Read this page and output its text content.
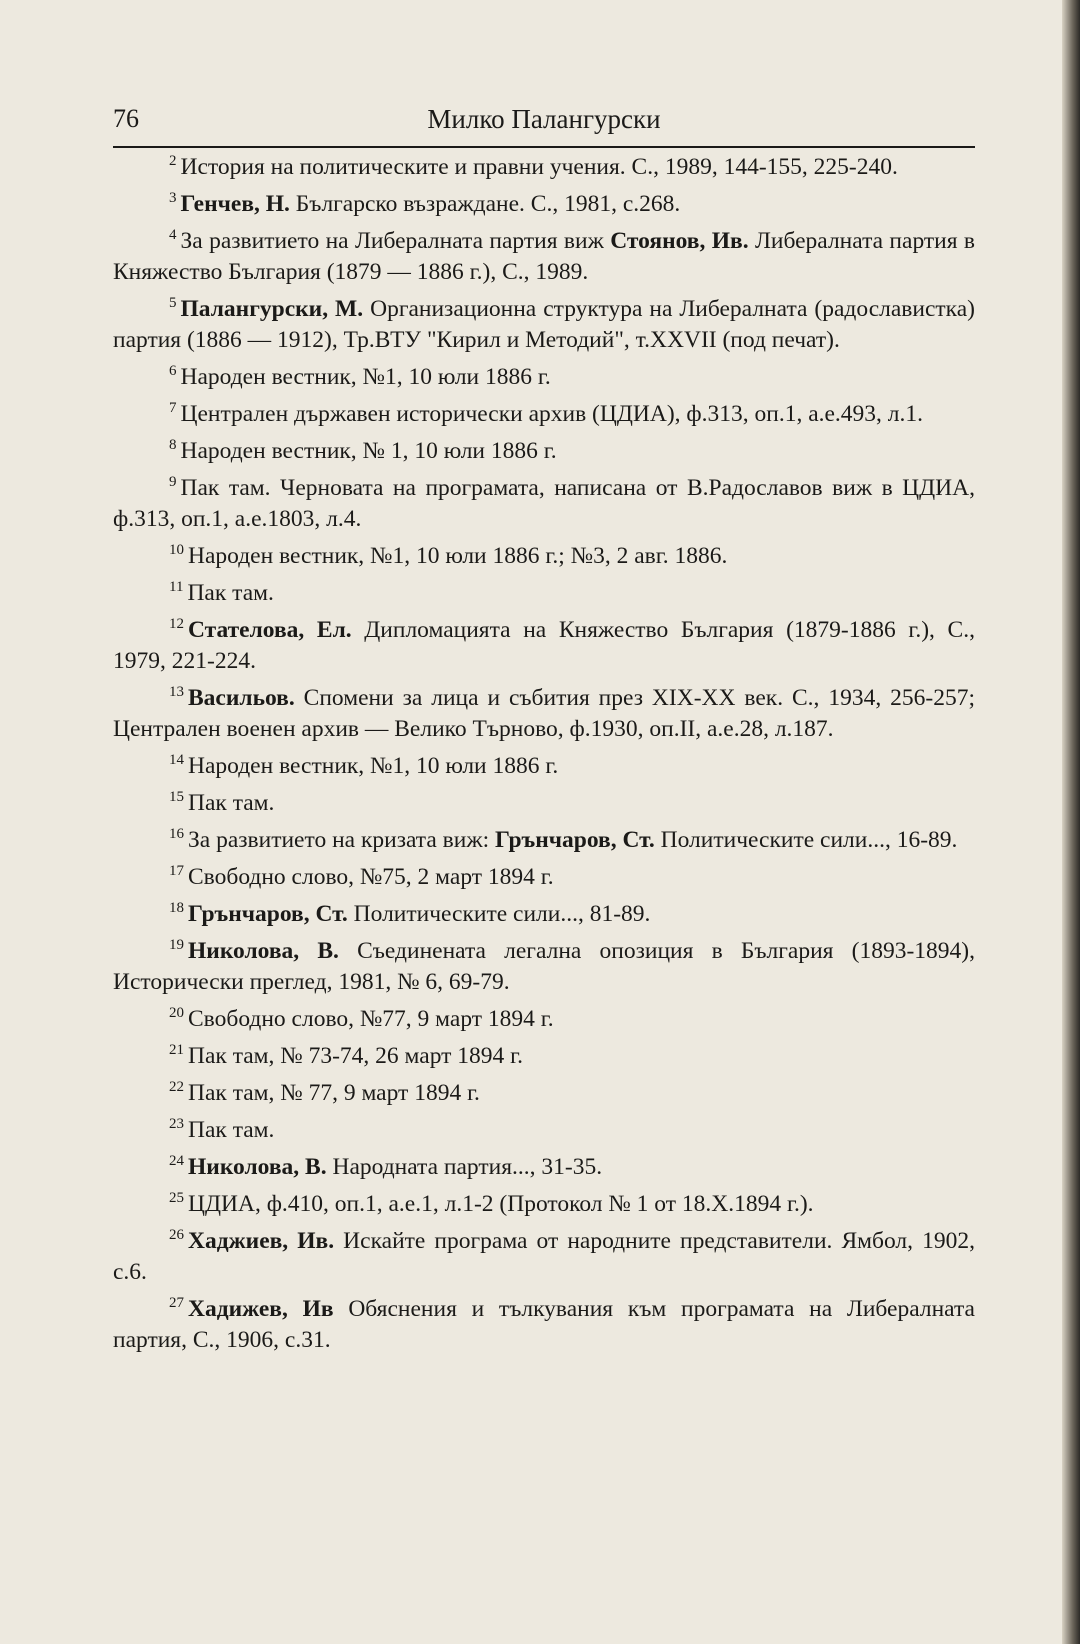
76	Милко Палангурски

$^2$ История на политическите и правни учения. С., 1989, 144-155, 225-240.

$^3$ Генчев, Н. Българско възраждане. С., 1981, с.268.

$^4$ За развитието на Либералната партия виж Стоянов, Ив. Либералната партия в Княжество България (1879 — 1886 г.), С., 1989.

$^5$ Палангурски, М. Организационна структура на Либералната (радославистка) партия (1886 — 1912), Тр.ВТУ "Кирил и Методий", т.XXVII (под печат).

$^6$ Народен вестник, №1, 10 юли 1886 г.

$^7$ Централен държавен исторически архив (ЦДИА), ф.313, оп.1, а.е.493, л.1.

$^8$ Народен вестник, № 1, 10 юли 1886 г.

$^9$ Пак там. Черновата на програмата, написана от В.Радославов виж в ЦДИА, ф.313, оп.1, а.е.1803, л.4.

$^{10}$ Народен вестник, №1, 10 юли 1886 г.; №3, 2 авг. 1886.

$^{11}$ Пак там.

$^{12}$ Стателова, Ел. Дипломацията на Княжество България (1879-1886 г.), С., 1979, 221-224.

$^{13}$ Васильов. Спомени за лица и събития през XIX-XX век. С., 1934, 256-257; Централен военен архив — Велико Търново, ф.1930, оп.II, а.е.28, л.187.

$^{14}$ Народен вестник, №1, 10 юли 1886 г.

$^{15}$ Пак там.

$^{16}$ За развитието на кризата виж: Грънчаров, Ст. Политическите сили..., 16-89.

$^{17}$ Свободно слово, №75, 2 март 1894 г.

$^{18}$ Грънчаров, Ст. Политическите сили..., 81-89.

$^{19}$ Николова, В. Съединената легална опозиция в България (1893-1894), Исторически преглед, 1981, № 6, 69-79.

$^{20}$ Свободно слово, №77, 9 март 1894 г.

$^{21}$ Пак там, № 73-74, 26 март 1894 г.

$^{22}$ Пак там, № 77, 9 март 1894 г.

$^{23}$ Пак там.

$^{24}$ Николова, В. Народната партия..., 31-35.

$^{25}$ ЦДИА, ф.410, оп.1, а.е.1, л.1-2 (Протокол № 1 от 18.X.1894 г.).

$^{26}$ Хаджиев, Ив. Искайте програма от народните представители. Ямбол, 1902, с.6.

$^{27}$ Хадижев, Ив Обяснения и тълкувания към програмата на Либералната партия, С., 1906, с.31.
